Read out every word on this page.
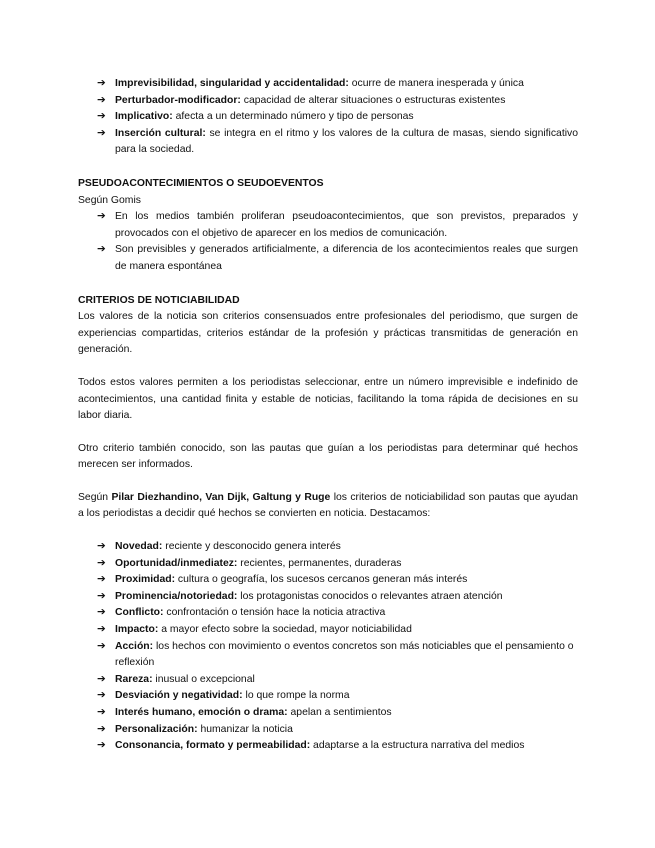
➔ Imprevisibilidad, singularidad y accidentalidad: ocurre de manera inesperada y única
➔ Perturbador-modificador: capacidad de alterar situaciones o estructuras existentes
➔ Implicativo: afecta a un determinado número y tipo de personas
➔ Inserción cultural: se integra en el ritmo y los valores de la cultura de masas, siendo significativo para la sociedad.
PSEUDOACONTECIMIENTOS O SEUDOEVENTOS

Según Gomis

➔ En los medios también proliferan pseudoacontecimientos, que son previstos, preparados y provocados con el objetivo de aparecer en los medios de comunicación.
➔ Son previsibles y generados artificialmente, a diferencia de los acontecimientos reales que surgen de manera espontánea
CRITERIOS DE NOTICIABILIDAD

Los valores de la noticia son criterios consensuados entre profesionales del periodismo, que surgen de experiencias compartidas, criterios estándar de la profesión y prácticas transmitidas de generación en generación.

Todos estos valores permiten a los periodistas seleccionar, entre un número imprevisible e indefinido de acontecimientos, una cantidad finita y estable de noticias, facilitando la toma rápida de decisiones en su labor diaria.

Otro criterio también conocido, son las pautas que guían a los periodistas para determinar qué hechos merecen ser informados.

Según Pilar Diezhandino, Van Dijk, Galtung y Ruge los criterios de noticiabilidad son pautas que ayudan a los periodistas a decidir qué hechos se convierten en noticia. Destacamos:

➔ Novedad: reciente y desconocido genera interés
➔ Oportunidad/inmediatez: recientes, permanentes, duraderas
➔ Proximidad: cultura o geografía, los sucesos cercanos generan más interés
➔ Prominencia/notoriedad: los protagonistas conocidos o relevantes atraen atención
➔ Conflicto: confrontación o tensión hace la noticia atractiva
➔ Impacto: a mayor efecto sobre la sociedad, mayor noticiabilidad
➔ Acción: los hechos con movimiento o eventos concretos son más noticiables que el pensamiento o reflexión
➔ Rareza: inusual o excepcional
➔ Desviación y negatividad: lo que rompe la norma
➔ Interés humano, emoción o drama: apelan a sentimientos
➔ Personalización: humanizar la noticia
➔ Consonancia, formato y permeabilidad: adaptarse a la estructura narrativa del medios
